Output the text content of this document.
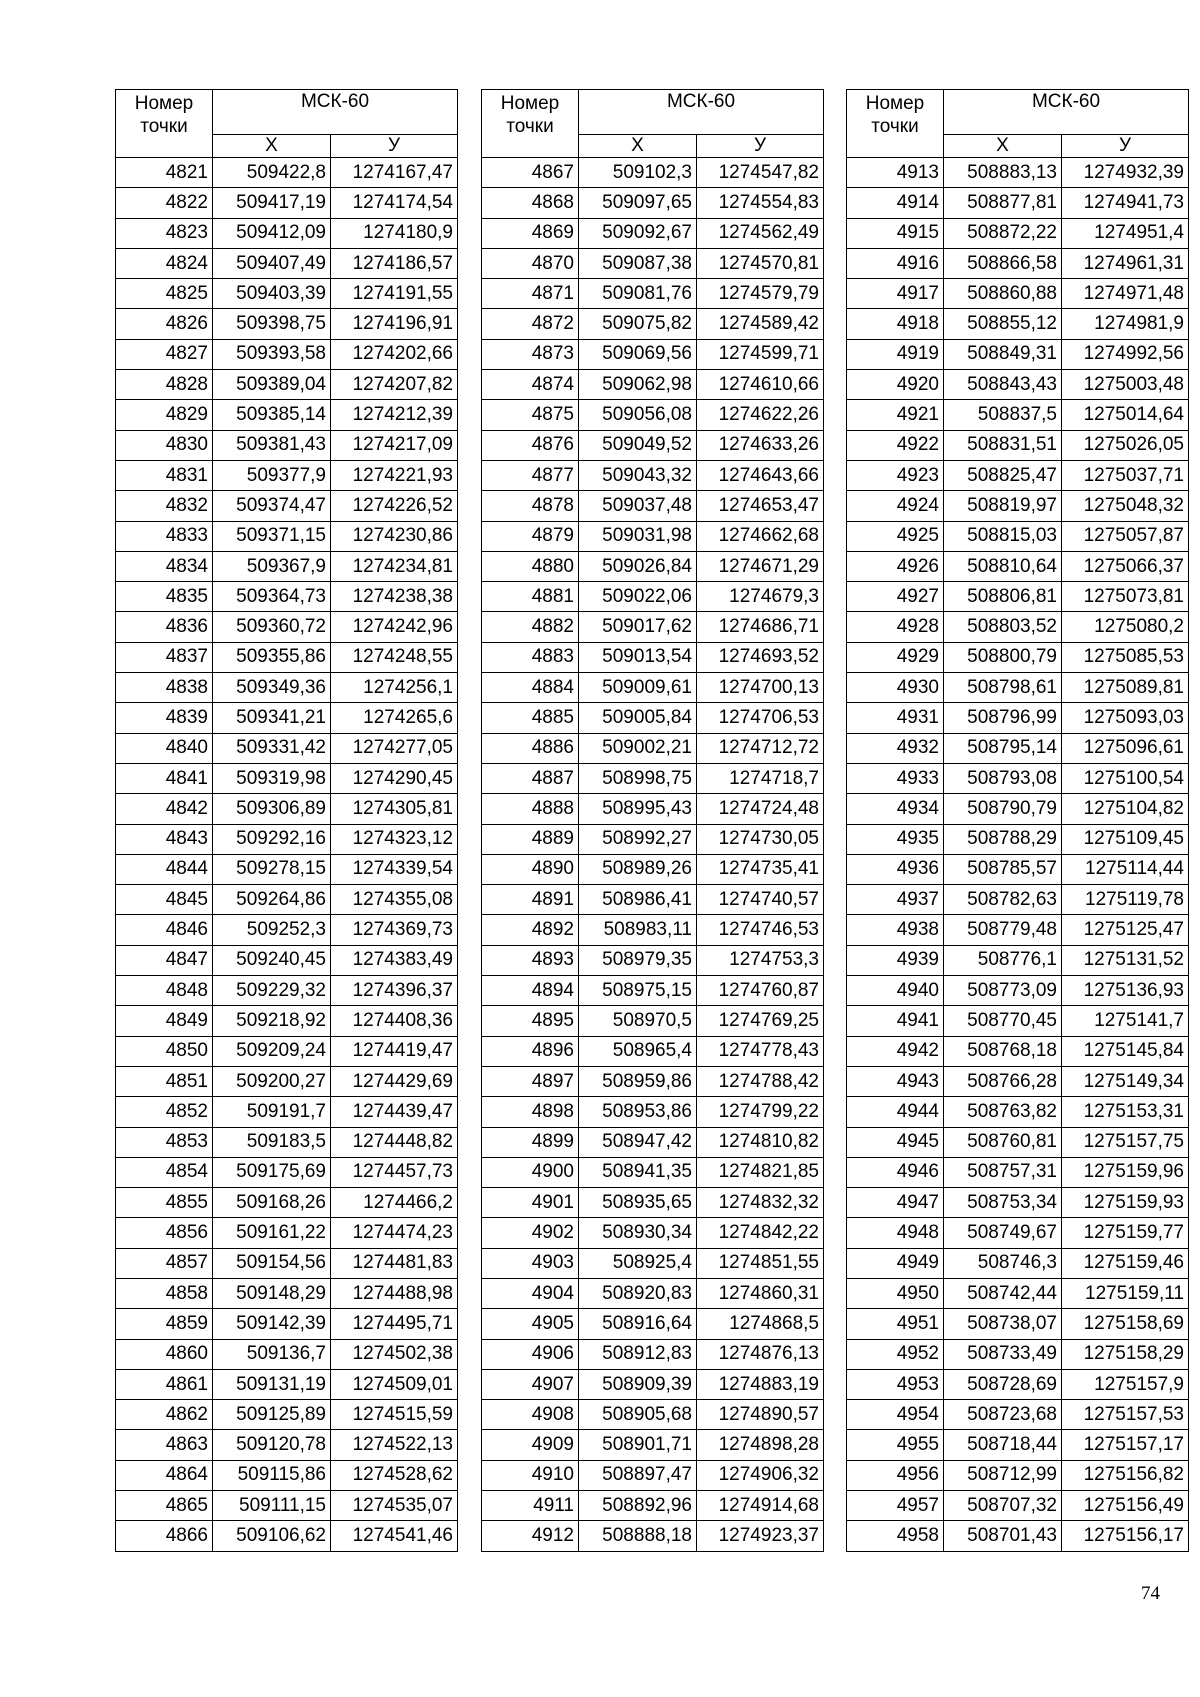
Номер
точки	МСК-60	
	Х	У
4821	509422,8	1274167,47
4822	509417,19	1274174,54
4823	509412,09	1274180,9
4824	509407,49	1274186,57
4825	509403,39	1274191,55
4826	509398,75	1274196,91
4827	509393,58	1274202,66
4828	509389,04	1274207,82
4829	509385,14	1274212,39
4830	509381,43	1274217,09
4831	509377,9	1274221,93
4832	509374,47	1274226,52
4833	509371,15	1274230,86
4834	509367,9	1274234,81
4835	509364,73	1274238,38
4836	509360,72	1274242,96
4837	509355,86	1274248,55
4838	509349,36	1274256,1
4839	509341,21	1274265,6
4840	509331,42	1274277,05
4841	509319,98	1274290,45
4842	509306,89	1274305,81
4843	509292,16	1274323,12
4844	509278,15	1274339,54
4845	509264,86	1274355,08
4846	509252,3	1274369,73
4847	509240,45	1274383,49
4848	509229,32	1274396,37
4849	509218,92	1274408,36
4850	509209,24	1274419,47
4851	509200,27	1274429,69
4852	509191,7	1274439,47
4853	509183,5	1274448,82
4854	509175,69	1274457,73
4855	509168,26	1274466,2
4856	509161,22	1274474,23
4857	509154,56	1274481,83
4858	509148,29	1274488,98
4859	509142,39	1274495,71
4860	509136,7	1274502,38
4861	509131,19	1274509,01
4862	509125,89	1274515,59
4863	509120,78	1274522,13
4864	509115,86	1274528,62
4865	509111,15	1274535,07
4866	509106,62	1274541,46
Номер
точки	МСК-60	
	Х	У
4867	509102,3	1274547,82
4868	509097,65	1274554,83
4869	509092,67	1274562,49
4870	509087,38	1274570,81
4871	509081,76	1274579,79
4872	509075,82	1274589,42
4873	509069,56	1274599,71
4874	509062,98	1274610,66
4875	509056,08	1274622,26
4876	509049,52	1274633,26
4877	509043,32	1274643,66
4878	509037,48	1274653,47
4879	509031,98	1274662,68
4880	509026,84	1274671,29
4881	509022,06	1274679,3
4882	509017,62	1274686,71
4883	509013,54	1274693,52
4884	509009,61	1274700,13
4885	509005,84	1274706,53
4886	509002,21	1274712,72
4887	508998,75	1274718,7
4888	508995,43	1274724,48
4889	508992,27	1274730,05
4890	508989,26	1274735,41
4891	508986,41	1274740,57
4892	508983,11	1274746,53
4893	508979,35	1274753,3
4894	508975,15	1274760,87
4895	508970,5	1274769,25
4896	508965,4	1274778,43
4897	508959,86	1274788,42
4898	508953,86	1274799,22
4899	508947,42	1274810,82
4900	508941,35	1274821,85
4901	508935,65	1274832,32
4902	508930,34	1274842,22
4903	508925,4	1274851,55
4904	508920,83	1274860,31
4905	508916,64	1274868,5
4906	508912,83	1274876,13
4907	508909,39	1274883,19
4908	508905,68	1274890,57
4909	508901,71	1274898,28
4910	508897,47	1274906,32
4911	508892,96	1274914,68
4912	508888,18	1274923,37
Номер
точки	МСК-60	
	Х	У
4913	508883,13	1274932,39
4914	508877,81	1274941,73
4915	508872,22	1274951,4
4916	508866,58	1274961,31
4917	508860,88	1274971,48
4918	508855,12	1274981,9
4919	508849,31	1274992,56
4920	508843,43	1275003,48
4921	508837,5	1275014,64
4922	508831,51	1275026,05
4923	508825,47	1275037,71
4924	508819,97	1275048,32
4925	508815,03	1275057,87
4926	508810,64	1275066,37
4927	508806,81	1275073,81
4928	508803,52	1275080,2
4929	508800,79	1275085,53
4930	508798,61	1275089,81
4931	508796,99	1275093,03
4932	508795,14	1275096,61
4933	508793,08	1275100,54
4934	508790,79	1275104,82
4935	508788,29	1275109,45
4936	508785,57	1275114,44
4937	508782,63	1275119,78
4938	508779,48	1275125,47
4939	508776,1	1275131,52
4940	508773,09	1275136,93
4941	508770,45	1275141,7
4942	508768,18	1275145,84
4943	508766,28	1275149,34
4944	508763,82	1275153,31
4945	508760,81	1275157,75
4946	508757,31	1275159,96
4947	508753,34	1275159,93
4948	508749,67	1275159,77
4949	508746,3	1275159,46
4950	508742,44	1275159,11
4951	508738,07	1275158,69
4952	508733,49	1275158,29
4953	508728,69	1275157,9
4954	508723,68	1275157,53
4955	508718,44	1275157,17
4956	508712,99	1275156,82
4957	508707,32	1275156,49
4958	508701,43	1275156,17
74
